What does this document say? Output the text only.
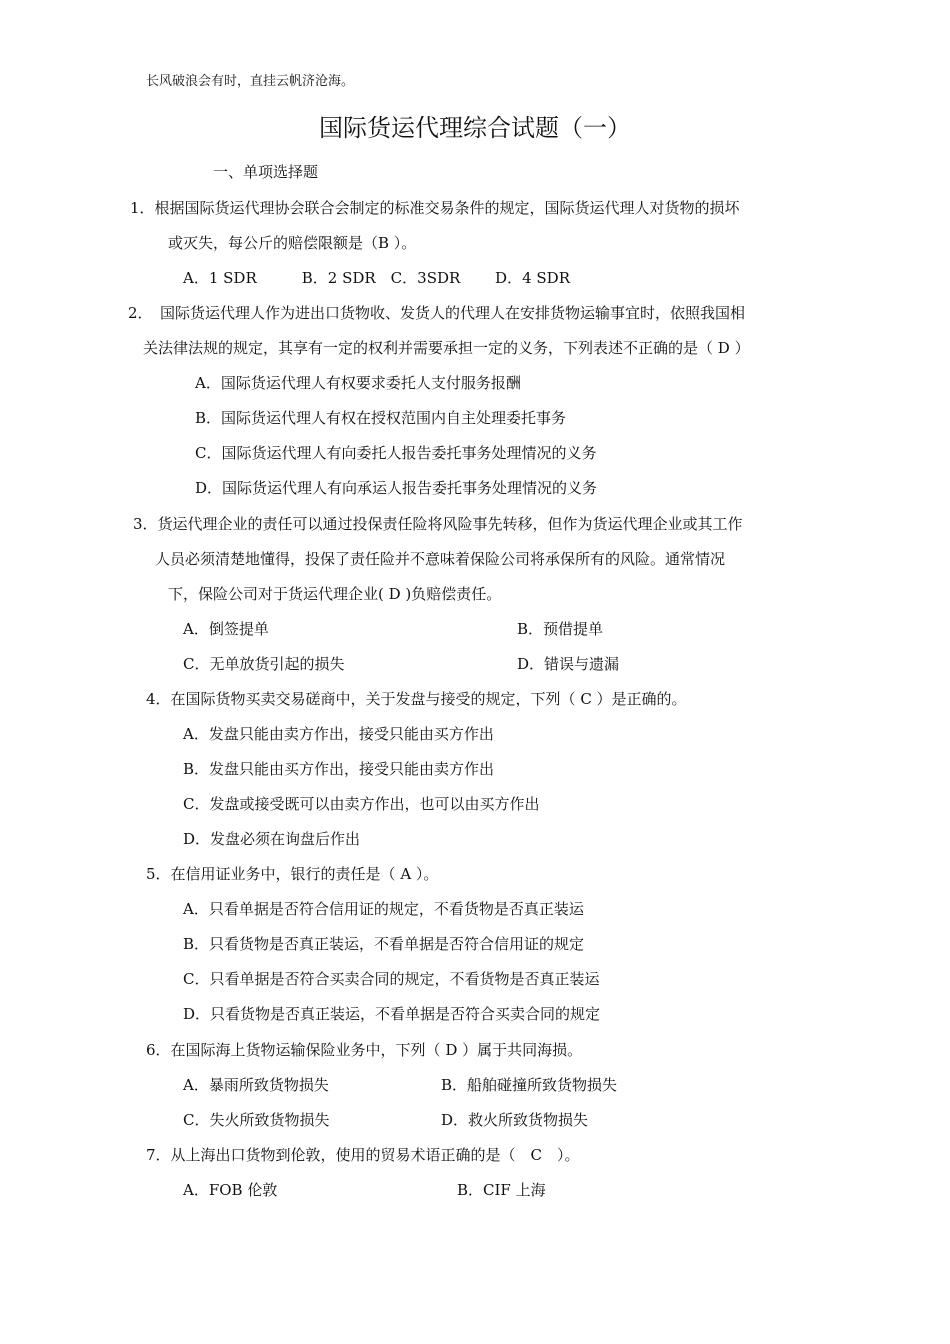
长风破浪会有时，直挂云帆济沧海。
国际货运代理综合试题（一）
一、单项选择题
1．根据国际货运代理协会联合会制定的标准交易条件的规定，国际货运代理人对货物的损坏
或灭失，每公斤的赔偿限额是（B ）。
A．1 SDR　　　B．2 SDR　C．3SDR　　 D．4 SDR
2．　国际货运代理人作为进出口货物收、发货人的代理人在安排货物运输事宜时，依照我国相
关法律法规的规定，其享有一定的权利并需要承担一定的义务，下列表述不正确的是（ D ）
A．国际货运代理人有权要求委托人支付服务报酬
B．国际货运代理人有权在授权范围内自主处理委托事务
C．国际货运代理人有向委托人报告委托事务处理情况的义务
D．国际货运代理人有向承运人报告委托事务处理情况的义务
3．货运代理企业的责任可以通过投保责任险将风险事先转移，但作为货运代理企业或其工作
人员必须清楚地懂得，投保了责任险并不意味着保险公司将承保所有的风险。通常情况
下，保险公司对于货运代理企业( D )负赔偿责任。
A．倒签提单	B．预借提单
C．无单放货引起的损失	D．错误与遗漏
4．在国际货物买卖交易磋商中，关于发盘与接受的规定，下列（ C ）是正确的。
A．发盘只能由卖方作出，接受只能由买方作出
B．发盘只能由买方作出，接受只能由卖方作出
C．发盘或接受既可以由卖方作出，也可以由买方作出
D．发盘必须在询盘后作出
5．在信用证业务中，银行的责任是（ A ）。
A．只看单据是否符合信用证的规定，不看货物是否真正装运
B．只看货物是否真正装运，不看单据是否符合信用证的规定
C．只看单据是否符合买卖合同的规定，不看货物是否真正装运
D．只看货物是否真正装运，不看单据是否符合买卖合同的规定
6．在国际海上货物运输保险业务中，下列（ D ）属于共同海损。
A．暴雨所致货物损失	B．船舶碰撞所致货物损失
C．失火所致货物损失	D．救火所致货物损失
7．从上海出口货物到伦敦，使用的贸易术语正确的是（　C　）。
A．FOB 伦敦	B．CIF 上海
